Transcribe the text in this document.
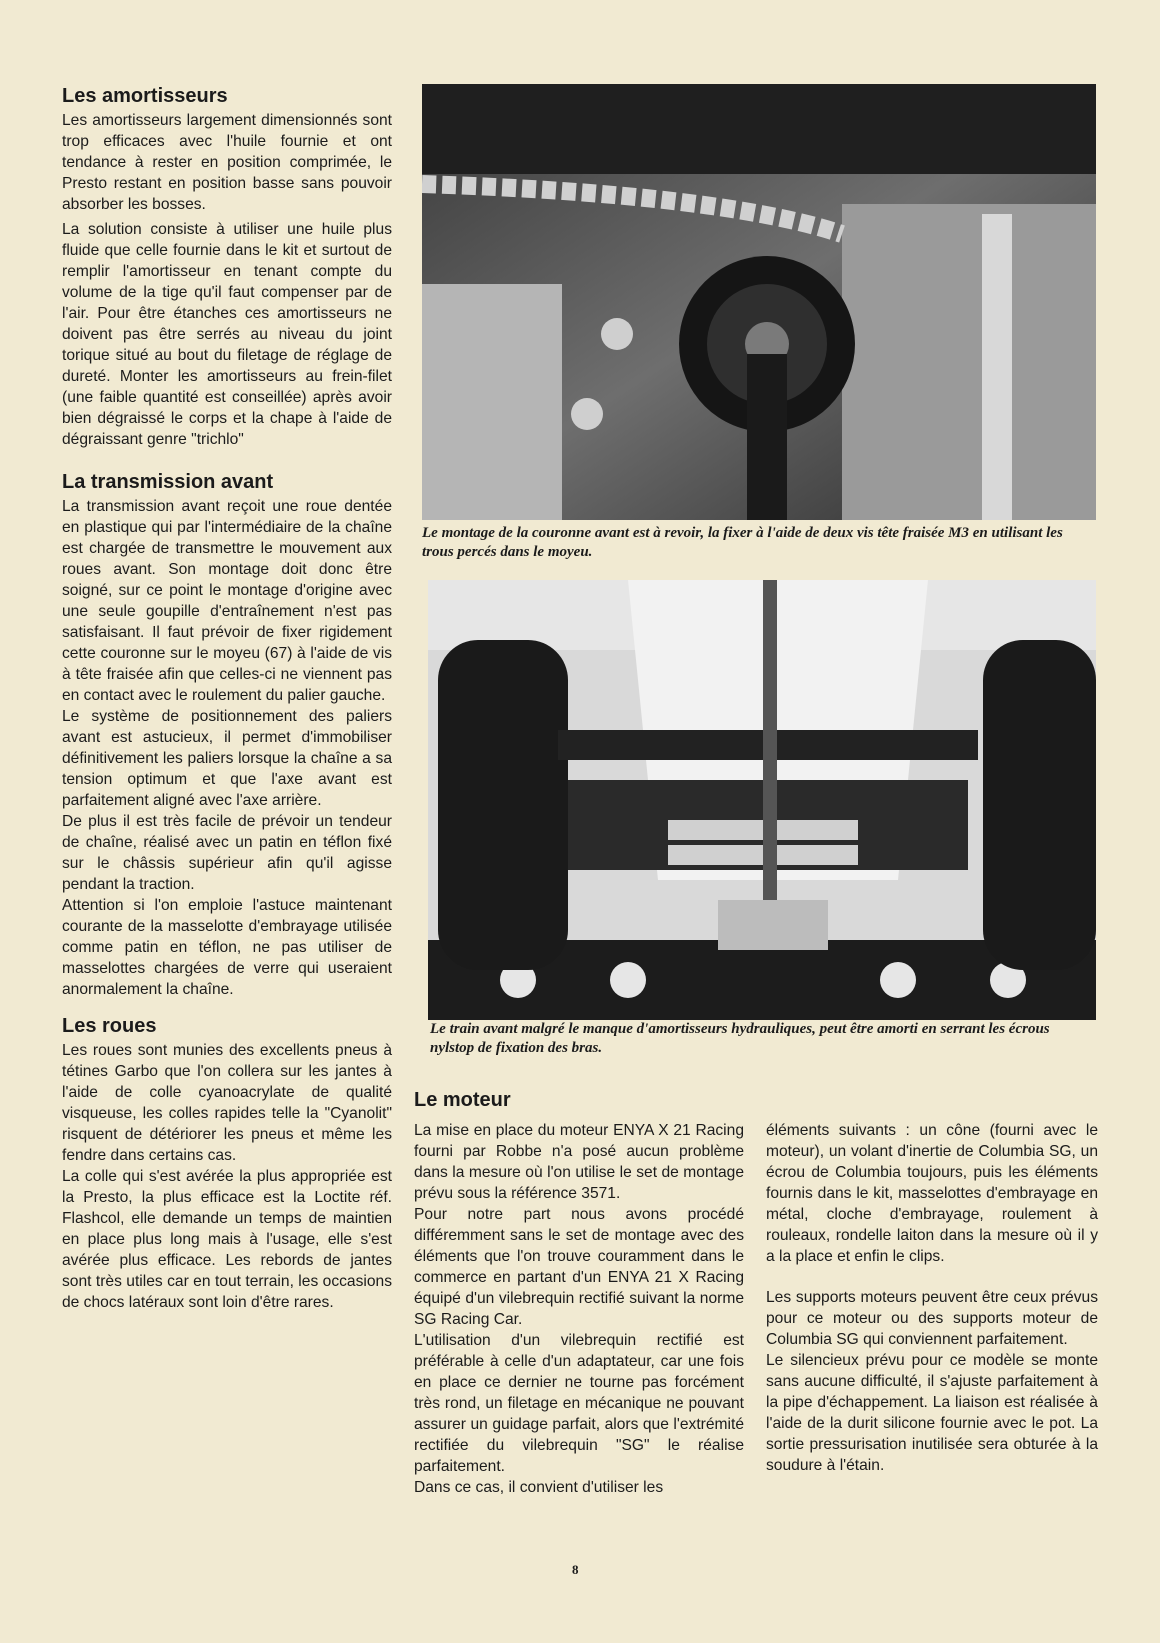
Les amortisseurs

Les amortisseurs largement dimensionnés sont trop efficaces avec l'huile fournie et ont tendance à rester en position comprimée, le Presto restant en position basse sans pouvoir absorber les bosses.

La solution consiste à utiliser une huile plus fluide que celle fournie dans le kit et surtout de remplir l'amortisseur en tenant compte du volume de la tige qu'il faut compenser par de l'air. Pour être étanches ces amortisseurs ne doivent pas être serrés au niveau du joint torique situé au bout du filetage de réglage de dureté. Monter les amortisseurs au frein-filet (une faible quantité est conseillée) après avoir bien dégraissé le corps et la chape à l'aide de dégraissant genre "trichlo"

La transmission avant

La transmission avant reçoit une roue dentée en plastique qui par l'intermédiaire de la chaîne est chargée de transmettre le mouvement aux roues avant. Son montage doit donc être soigné, sur ce point le montage d'origine avec une seule goupille d'entraînement n'est pas satisfaisant. Il faut prévoir de fixer rigidement cette couronne sur le moyeu (67) à l'aide de vis à tête fraisée afin que celles-ci ne viennent pas en contact avec le roulement du palier gauche.

Le système de positionnement des paliers avant est astucieux, il permet d'immobiliser définitivement les paliers lorsque la chaîne a sa tension optimum et que l'axe avant est parfaitement aligné avec l'axe arrière.

De plus il est très facile de prévoir un tendeur de chaîne, réalisé avec un patin en téflon fixé sur le châssis supérieur afin qu'il agisse pendant la traction.

Attention si l'on emploie l'astuce maintenant courante de la masselotte d'embrayage utilisée comme patin en téflon, ne pas utiliser de masselottes chargées de verre qui useraient anormalement la chaîne.

Les roues

Les roues sont munies des excellents pneus à tétines Garbo que l'on collera sur les jantes à l'aide de colle cyanoacrylate de qualité visqueuse, les colles rapides telle la "Cyanolit" risquent de détériorer les pneus et même les fendre dans certains cas.

La colle qui s'est avérée la plus appropriée est la Presto, la plus efficace est la Loctite réf. Flashcol, elle demande un temps de maintien en place plus long mais à l'usage, elle s'est avérée plus efficace. Les rebords de jantes sont très utiles car en tout terrain, les occasions de chocs latéraux sont loin d'être rares.

Le montage de la couronne avant est à revoir, la fixer à l'aide de deux vis tête fraisée M3 en utilisant les trous percés dans le moyeu.
Le train avant malgré le manque d'amortisseurs hydrauliques, peut être amorti en serrant les écrous nylstop de fixation des bras.
Le moteur

La mise en place du moteur ENYA X 21 Racing fourni par Robbe n'a posé aucun problème dans la mesure où l'on utilise le set de montage prévu sous la référence 3571.

Pour notre part nous avons procédé différemment sans le set de montage avec des éléments que l'on trouve couramment dans le commerce en partant d'un ENYA 21 X Racing équipé d'un vilebrequin rectifié suivant la norme SG Racing Car.

L'utilisation d'un vilebrequin rectifié est préférable à celle d'un adaptateur, car une fois en place ce dernier ne tourne pas forcément très rond, un filetage en mécanique ne pouvant assurer un guidage parfait, alors que l'extrémité rectifiée du vilebrequin "SG" le réalise parfaitement.

Dans ce cas, il convient d'utiliser les

éléments suivants : un cône (fourni avec le moteur), un volant d'inertie de Columbia SG, un écrou de Columbia toujours, puis les éléments fournis dans le kit, masselottes d'embrayage en métal, cloche d'embrayage, roulement à rouleaux, rondelle laiton dans la mesure où il y a la place et enfin le clips.

Les supports moteurs peuvent être ceux prévus pour ce moteur ou des supports moteur de Columbia SG qui conviennent parfaitement.

Le silencieux prévu pour ce modèle se monte sans aucune difficulté, il s'ajuste parfaitement à la pipe d'échappement. La liaison est réalisée à l'aide de la durit silicone fournie avec le pot. La sortie pressurisation inutilisée sera obturée à la soudure à l'étain.

8
